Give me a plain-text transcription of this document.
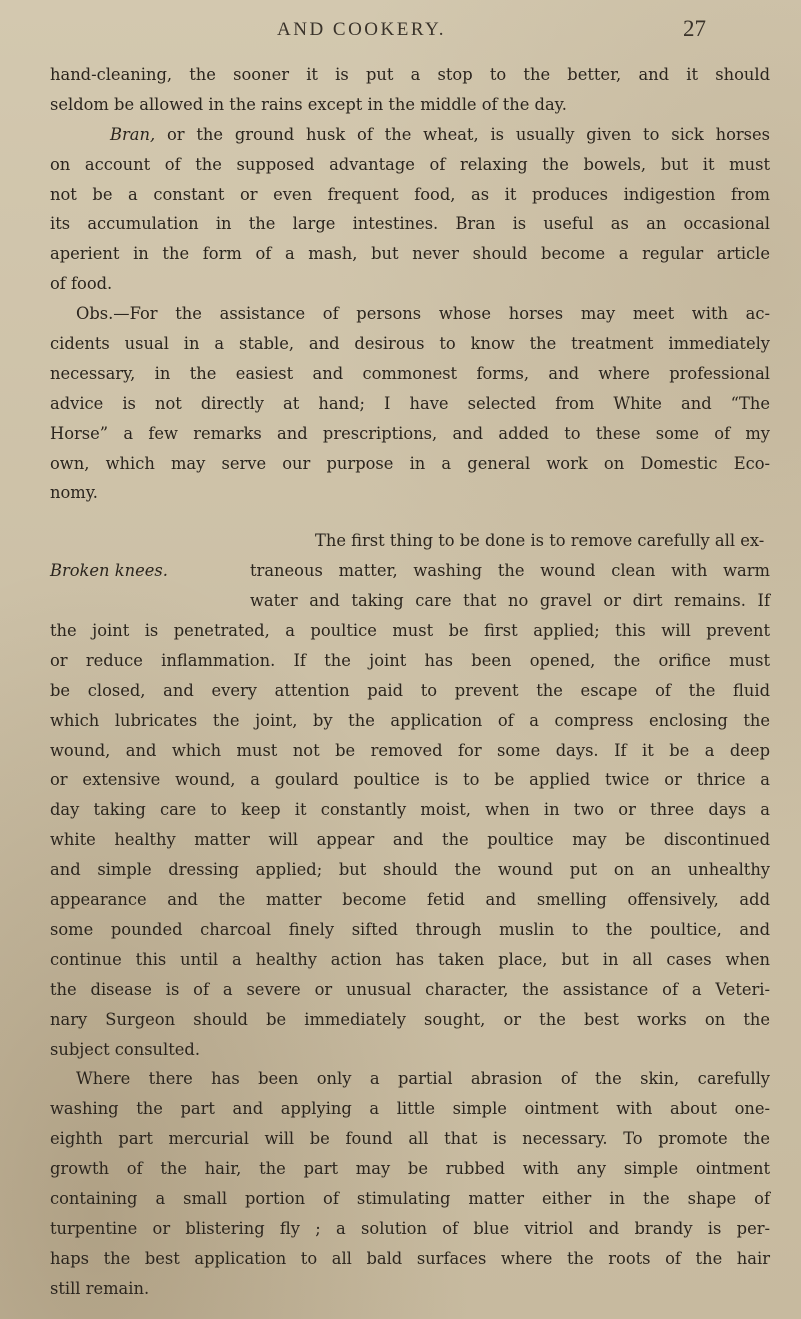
AND COOKERY.	27
hand-cleaning, the sooner it is put a stop to the better, and it should
seldom be allowed in the rains except in the middle of the day.
Bran, or the ground husk of the wheat, is usually given to sick horses
on account of the supposed advantage of relaxing the bowels, but it must
not be a constant or even frequent food, as it produces indigestion from
its accumulation in the large intestines. Bran is useful as an occasional
aperient in the form of a mash, but never should become a regular article
of food.
Obs.—For the assistance of persons whose horses may meet with ac-
cidents usual in a stable, and desirous to know the treatment immediately
necessary, in the easiest and commonest forms, and where professional
advice is not directly at hand; I have selected from White and “The
Horse” a few remarks and prescriptions, and added to these some of my
own, which may serve our purpose in a general work on Domestic Eco-
nomy.
The first thing to be done is to remove carefully all ex-
Broken knees.	traneous matter, washing the wound clean with warm
water and taking care that no gravel or dirt remains. If
the joint is penetrated, a poultice must be first applied; this will prevent
or reduce inflammation. If the joint has been opened, the orifice must
be closed, and every attention paid to prevent the escape of the fluid
which lubricates the joint, by the application of a compress enclosing the
wound, and which must not be removed for some days. If it be a deep
or extensive wound, a goulard poultice is to be applied twice or thrice a
day taking care to keep it constantly moist, when in two or three days a
white healthy matter will appear and the poultice may be discontinued
and simple dressing applied; but should the wound put on an unhealthy
appearance and the matter become fetid and smelling offensively, add
some pounded charcoal finely sifted through muslin to the poultice, and
continue this until a healthy action has taken place, but in all cases when
the disease is of a severe or unusual character, the assistance of a Veteri-
nary Surgeon should be immediately sought, or the best works on the
subject consulted.
Where there has been only a partial abrasion of the skin, carefully
washing the part and applying a little simple ointment with about one-
eighth part mercurial will be found all that is necessary. To promote the
growth of the hair, the part may be rubbed with any simple ointment
containing a small portion of stimulating matter either in the shape of
turpentine or blistering fly ; a solution of blue vitriol and brandy is per-
haps the best application to all bald surfaces where the roots of the hair
still remain.
